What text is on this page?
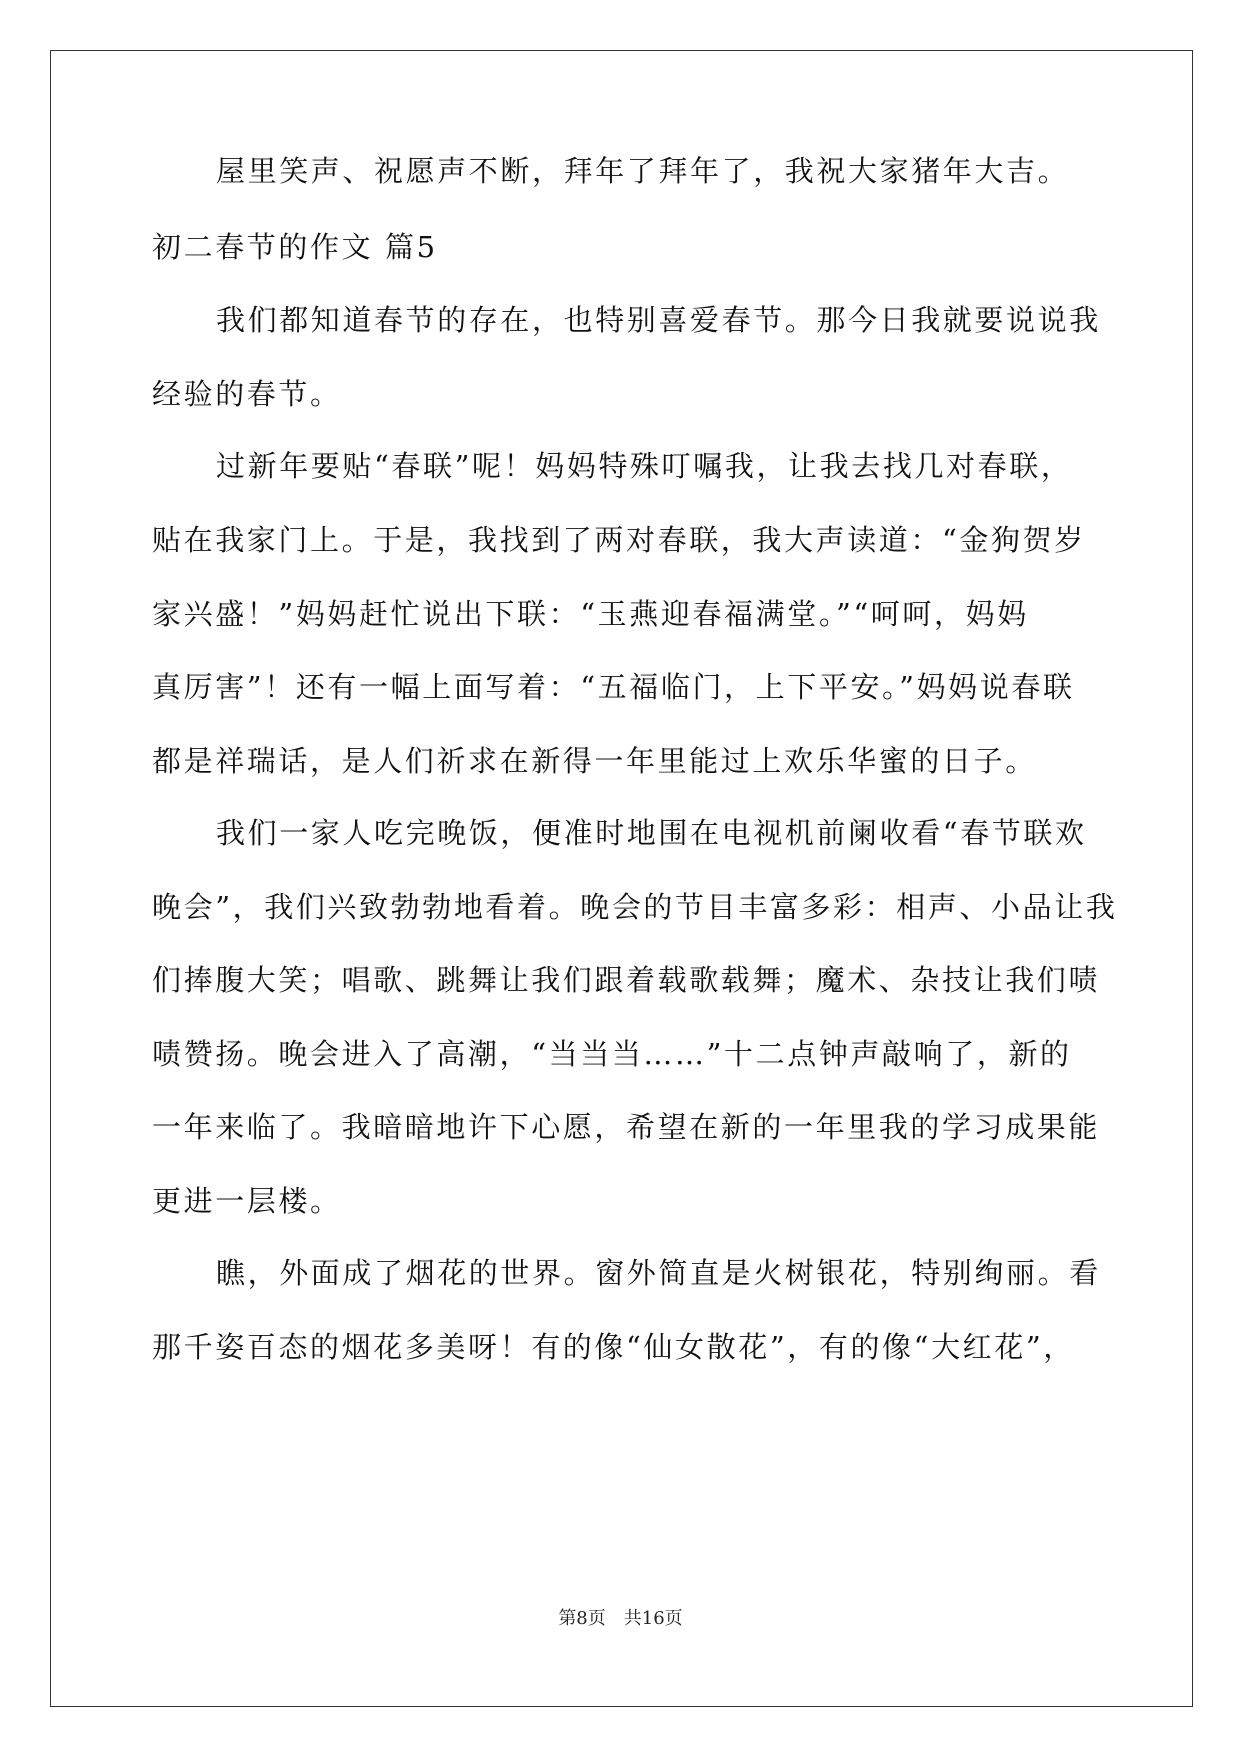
屋里笑声、祝愿声不断，拜年了拜年了，我祝大家猪年大吉。
初二春节的作文 篇5
我们都知道春节的存在，也特别喜爱春节。那今日我就要说说我
经验的春节。
过新年要贴“春联”呢！妈妈特殊叮嘱我，让我去找几对春联，
贴在我家门上。于是，我找到了两对春联，我大声读道：“金狗贺岁
家兴盛！”妈妈赶忙说出下联：“玉燕迎春福满堂。”“呵呵，妈妈
真厉害”！还有一幅上面写着：“五福临门，上下平安。”妈妈说春联
都是祥瑞话，是人们祈求在新得一年里能过上欢乐华蜜的日子。
我们一家人吃完晚饭，便准时地围在电视机前阑收看“春节联欢
晚会”，我们兴致勃勃地看着。晚会的节目丰富多彩：相声、小品让我
们捧腹大笑；唱歌、跳舞让我们跟着载歌载舞；魔术、杂技让我们啧
啧赞扬。晚会进入了高潮，“当当当……”十二点钟声敲响了，新的
一年来临了。我暗暗地许下心愿，希望在新的一年里我的学习成果能
更进一层楼。
瞧，外面成了烟花的世界。窗外简直是火树银花，特别绚丽。看
那千姿百态的烟花多美呀！有的像“仙女散花”，有的像“大红花”，
第8页　共16页
